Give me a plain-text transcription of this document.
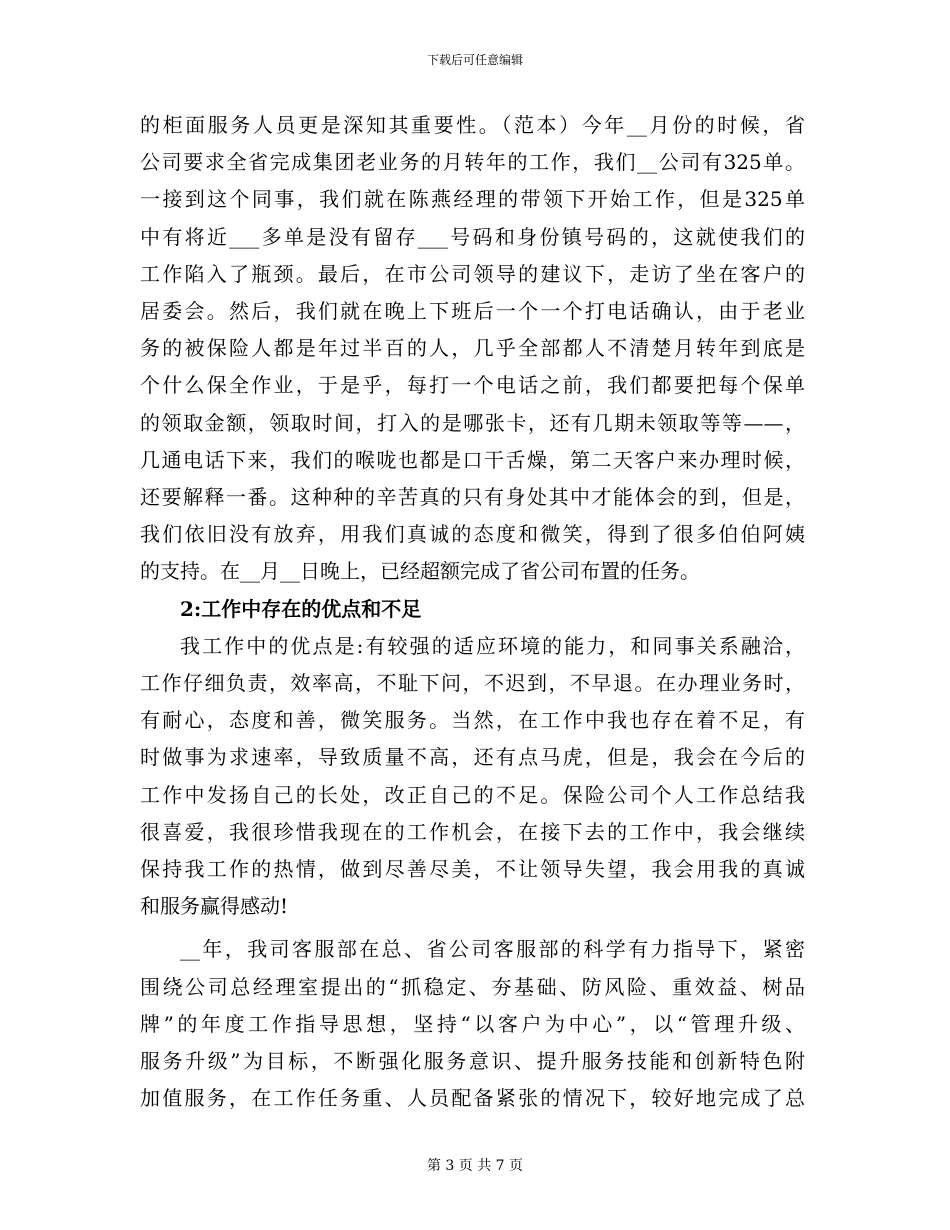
下载后可任意编辑
的柜面服务人员更是深知其重要性。（范本）今年__月份的时候，省
公司要求全省完成集团老业务的月转年的工作，我们__公司有325单。
一接到这个同事，我们就在陈燕经理的带领下开始工作，但是325单
中有将近___多单是没有留存___号码和身份镇号码的，这就使我们的
工作陷入了瓶颈。最后，在市公司领导的建议下，走访了坐在客户的
居委会。然后，我们就在晚上下班后一个一个打电话确认，由于老业
务的被保险人都是年过半百的人，几乎全部都人不清楚月转年到底是
个什么保全作业，于是乎，每打一个电话之前，我们都要把每个保单
的领取金额，领取时间，打入的是哪张卡，还有几期未领取等等——，
几通电话下来，我们的喉咙也都是口干舌燥，第二天客户来办理时候，
还要解释一番。这种种的辛苦真的只有身处其中才能体会的到，但是，
我们依旧没有放弃，用我们真诚的态度和微笑，得到了很多伯伯阿姨
的支持。在__月__日晚上，已经超额完成了省公司布置的任务。
2:工作中存在的优点和不足
我工作中的优点是:有较强的适应环境的能力，和同事关系融洽，
工作仔细负责，效率高，不耻下问，不迟到，不早退。在办理业务时，
有耐心，态度和善，微笑服务。当然，在工作中我也存在着不足，有
时做事为求速率，导致质量不高，还有点马虎，但是，我会在今后的
工作中发扬自己的长处，改正自己的不足。保险公司个人工作总结我
很喜爱，我很珍惜我现在的工作机会，在接下去的工作中，我会继续
保持我工作的热情，做到尽善尽美，不让领导失望，我会用我的真诚
和服务赢得感动!
__年，我司客服部在总、省公司客服部的科学有力指导下，紧密
围绕公司总经理室提出的“抓稳定、夯基础、防风险、重效益、树品
牌”的年度工作指导思想，坚持“以客户为中心”，以“管理升级、
服务升级”为目标，不断强化服务意识、提升服务技能和创新特色附
加值服务，在工作任务重、人员配备紧张的情况下，较好地完成了总
第 3 页 共 7 页
